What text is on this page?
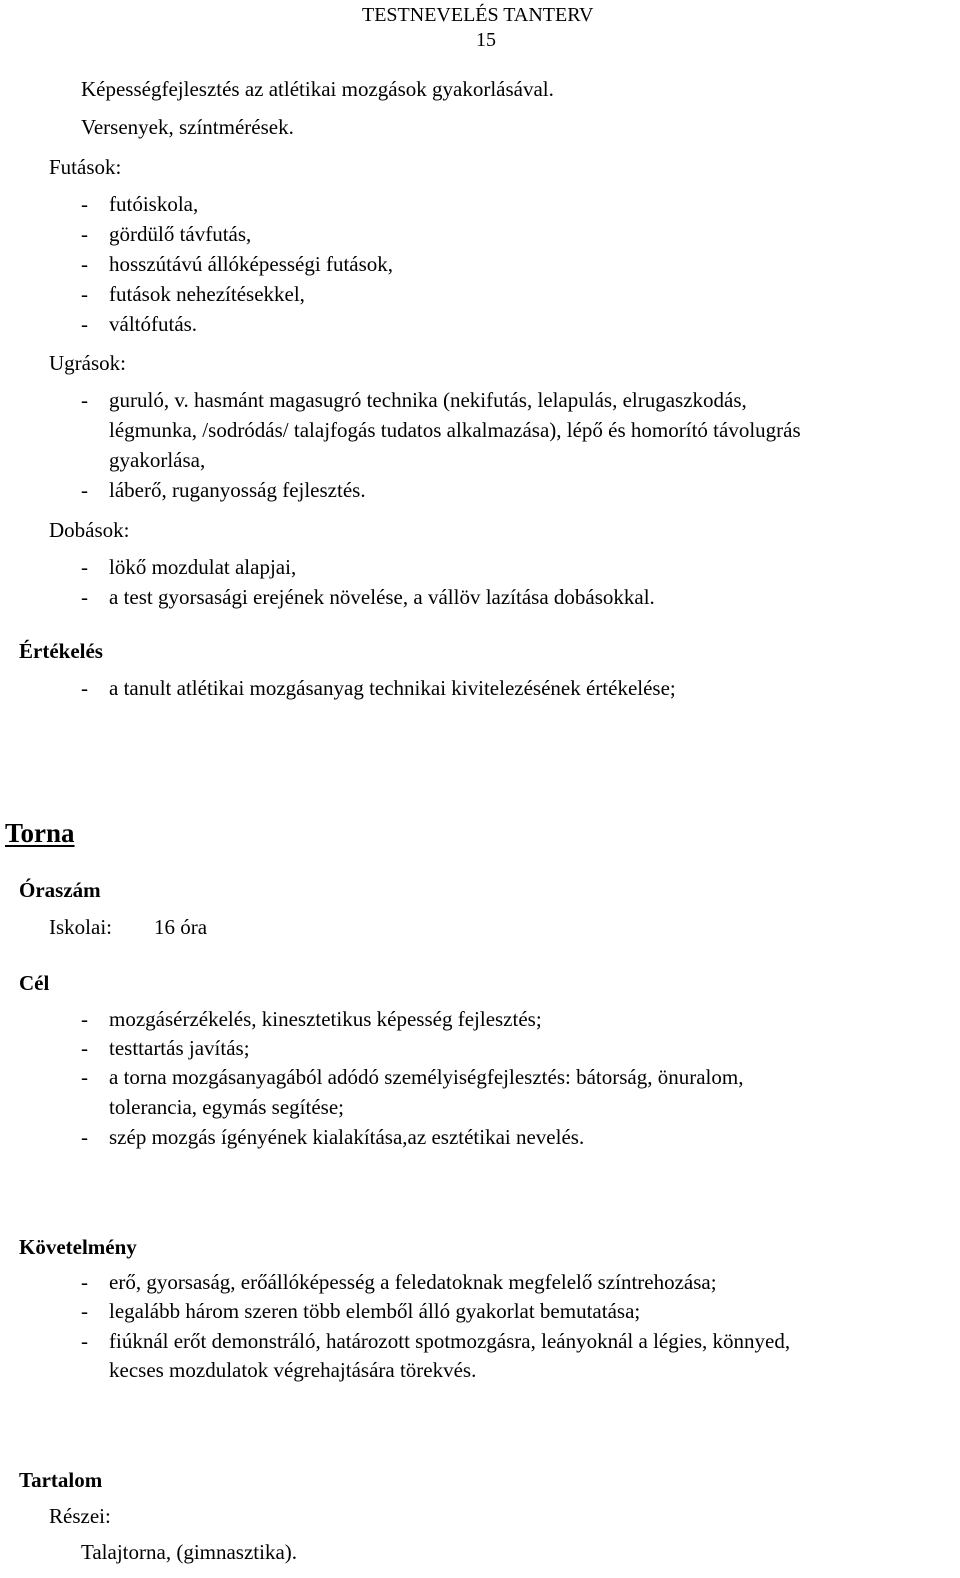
TESTNEVELÉS TANTERV
15
Képességfejlesztés az atlétikai mozgások gyakorlásával.
Versenyek, színtmérések.
Futások:
- futóiskola,
- gördülő távfutás,
- hosszútávú állóképességi futások,
- futások nehezítésekkel,
- váltófutás.
Ugrások:
- guruló, v. hasmánt magasugró technika (nekifutás, lelapulás, elrugaszkodás,
légmunka, /sodródás/ talajfogás tudatos alkalmazása), lépő és homorító távolugrás
gyakorlása,
- láberő, ruganyosság fejlesztés.
Dobások:
- lökő mozdulat alapjai,
- a test gyorsasági erejének növelése, a vállöv lazítása dobásokkal.
Értékelés
- a tanult atlétikai mozgásanyag technikai kivitelezésének értékelése;
Torna
Óraszám
Iskolai: 16 óra
Cél
- mozgásérzékelés, kinesztetikus képesség fejlesztés;
- testtartás javítás;
- a torna mozgásanyagából adódó személyiségfejlesztés: bátorság, önuralom,
tolerancia, egymás segítése;
- szép mozgás ígényének kialakítása,az esztétikai nevelés.
Követelmény
- erő, gyorsaság, erőállóképesség a feledatoknak megfelelő színtrehozása;
- legalább három szeren több elemből álló gyakorlat bemutatása;
- fiúknál erőt demonstráló, határozott spotmozgásra, leányoknál a légies, könnyed,
kecses mozdulatok végrehajtására törekvés.
Tartalom
Részei:
Talajtorna, (gimnasztika).
